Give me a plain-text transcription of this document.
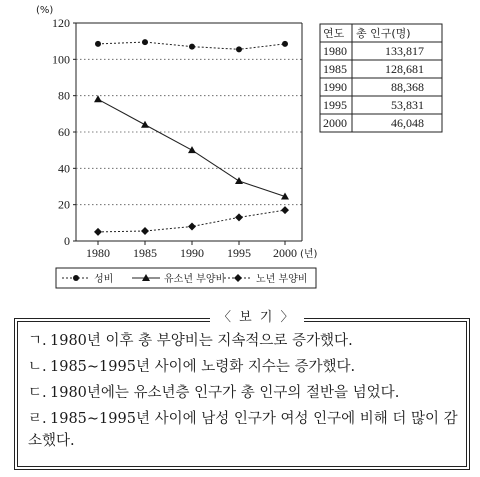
0
20
40
60
80
100
120
1980 1985 1990 1995 2000
(%)
(년)
성비	유소년 부양비	노년 부양비
연도 총 인구(명)
1980	133,817
1985	128,681
1990	88,368
1995	53,831
2000	46,048
〈 보 기 〉
ㄱ. 1980년 이후 총 부양비는 지속적으로 증가했다.
ㄴ. 1985∼1995년 사이에 노령화 지수는 증가했다.
ㄷ. 1980년에는 유소년층 인구가 총 인구의 절반을 넘었다.
ㄹ. 1985∼1995년 사이에 남성 인구가 여성 인구에 비해 더 많이 감소했다.
